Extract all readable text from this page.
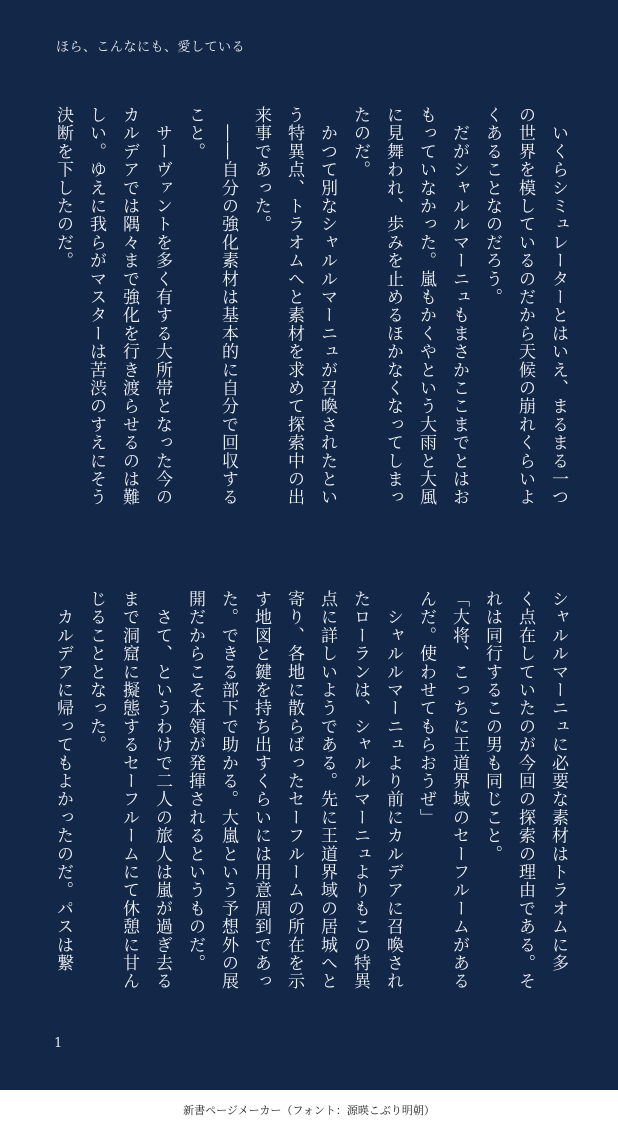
ほら、こんなにも、愛している

　いくらシミュレーターとはいえ、まるまる一つ

の世界を模しているのだから天候の崩れくらいよ

くあることなのだろう。

　だがシャルルマーニュもまさかここまでとはお

もっていなかった。嵐もかくやという大雨と大風

に見舞われ、歩みを止めるほかなくなってしまっ

たのだ。

　かつて別なシャルルマーニュが召喚されたとい

う特異点、トラオムへと素材を求めて探索中の出

来事であった。

　――自分の強化素材は基本的に自分で回収する

こと。

　サーヴァントを多く有する大所帯となった今の

カルデアでは隅々まで強化を行き渡らせるのは難

しい。ゆえに我らがマスターは苦渋のすえにそう

決断を下したのだ。

シャルルマーニュに必要な素材はトラオムに多

く点在していたのが今回の探索の理由である。そ

れは同行するこの男も同じこと。

「大将、こっちに王道界域のセーフルームがある

んだ。使わせてもらおうぜ」

　シャルルマーニュより前にカルデアに召喚され

たローランは、シャルルマーニュよりもこの特異

点に詳しいようである。先に王道界域の居城へと

寄り、各地に散らばったセーフルームの所在を示

す地図と鍵を持ち出すくらいには用意周到であっ

た。できる部下で助かる。大嵐という予想外の展

開だからこそ本領が発揮されるというものだ。

　さて、というわけで二人の旅人は嵐が過ぎ去る

まで洞窟に擬態するセーフルームにて休憩に甘ん

じることとなった。

　カルデアに帰ってもよかったのだ。パスは繋

1
新書ページメーカー（フォント：源暎こぶり明朝）
